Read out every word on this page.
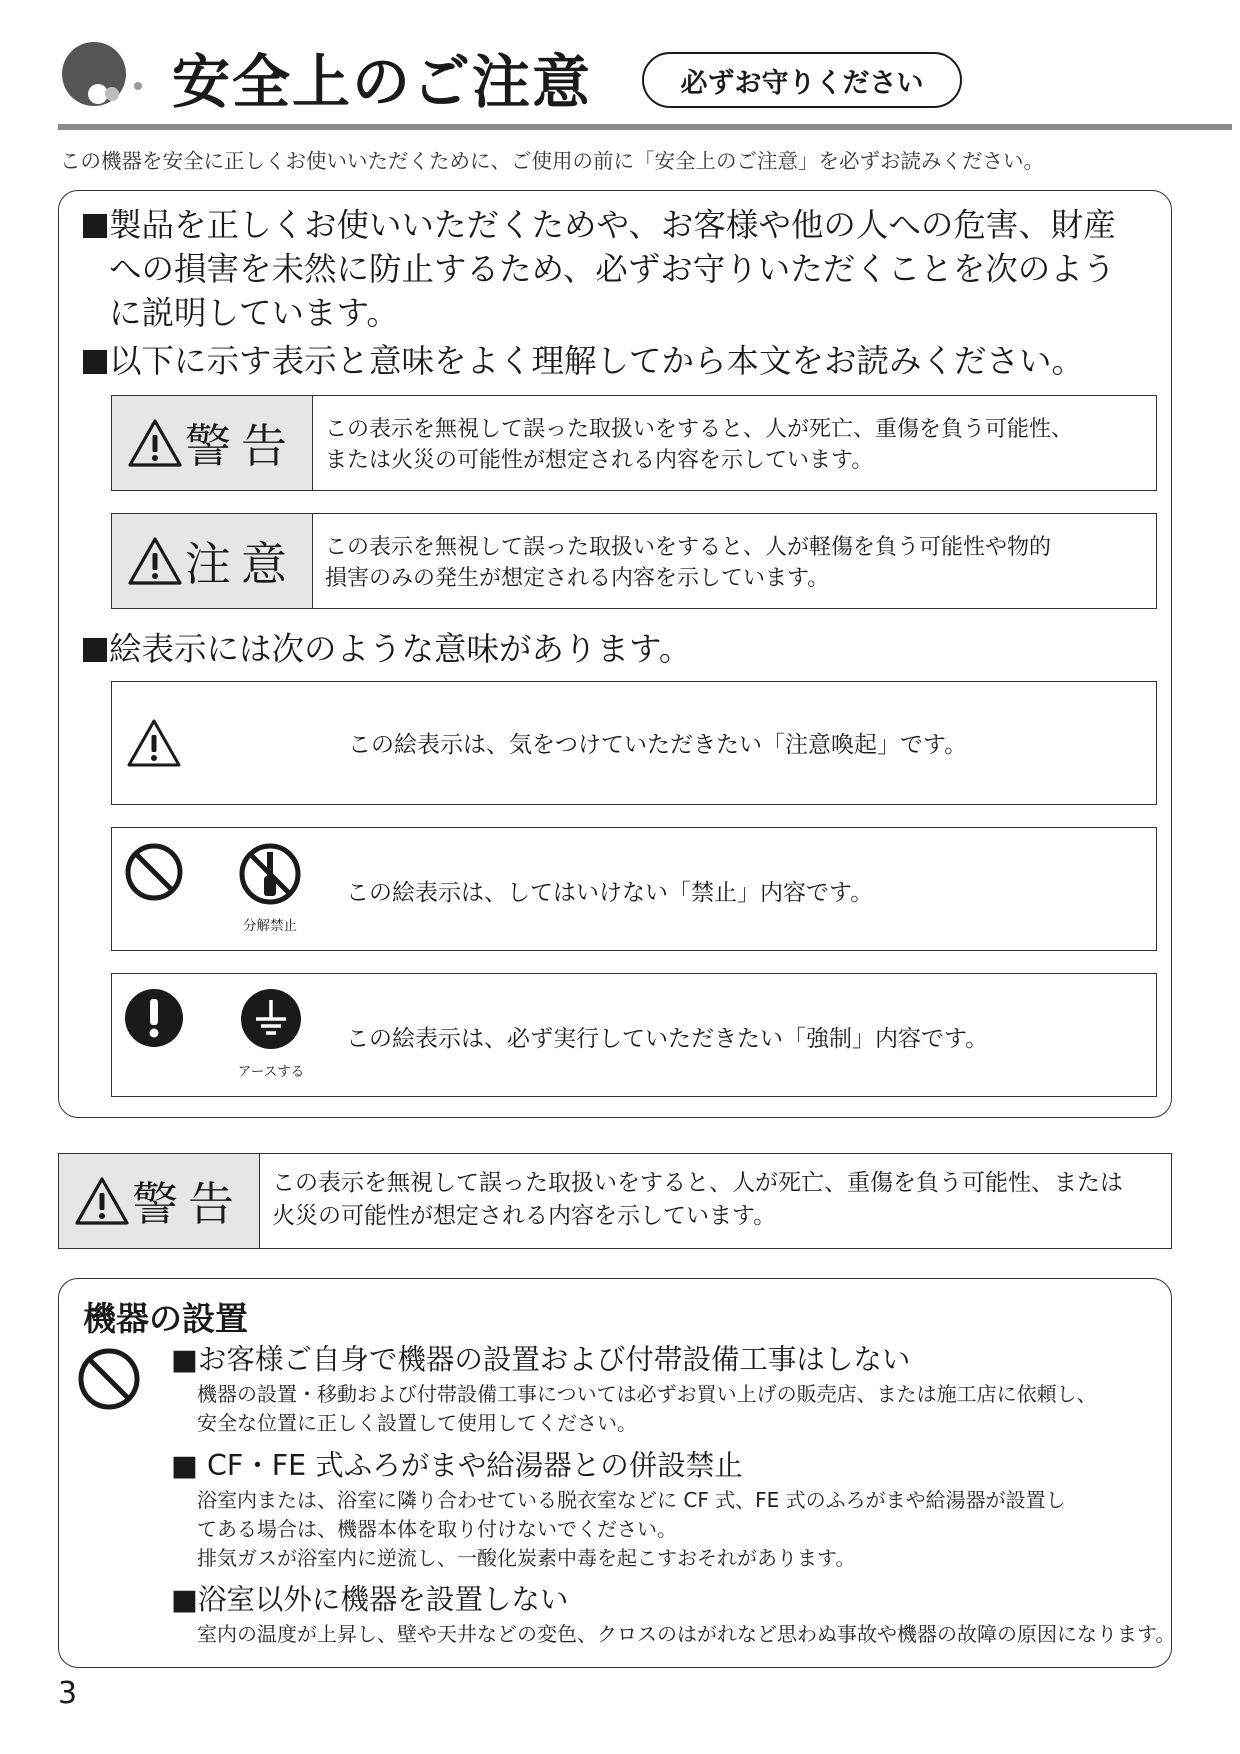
安全上のご注意	必ずお守りください
この機器を安全に正しくお使いいただくために、ご使用の前に「安全上のご注意」を必ずお読みください。
製品を正しくお使いいただくためや、お客様や他の人への危害、財産
への損害を未然に防止するため、必ずお守りいただくことを次のよう
に説明しています。
以下に示す表示と意味をよく理解してから本文をお読みください。
警告 この表示を無視して誤った取扱いをすると、人が死亡、重傷を負う可能性、
または火災の可能性が想定される内容を示しています。
注意 この表示を無視して誤った取扱いをすると、人が軽傷を負う可能性や物的
損害のみの発生が想定される内容を示しています。
絵表示には次のような意味があります。
この絵表示は、気をつけていただきたい「注意喚起」です。
分解禁止
この絵表示は、してはいけない「禁止」内容です。
アースする
この絵表示は、必ず実行していただきたい「強制」内容です。
警告 この表示を無視して誤った取扱いをすると、人が死亡、重傷を負う可能性、または
火災の可能性が想定される内容を示しています。
機器の設置
■お客様ご自身で機器の設置および付帯設備工事はしない
機器の設置・移動および付帯設備工事については必ずお買い上げの販売店、または施工店に依頼し、
安全な位置に正しく設置して使用してください。
■ CF・FE 式ふろがまや給湯器との併設禁止
浴室内または、浴室に隣り合わせている脱衣室などに CF 式、FE 式のふろがまや給湯器が設置し
てある場合は、機器本体を取り付けないでください。
排気ガスが浴室内に逆流し、一酸化炭素中毒を起こすおそれがあります。
■浴室以外に機器を設置しない
室内の温度が上昇し、壁や天井などの変色、クロスのはがれなど思わぬ事故や機器の故障の原因になります。
3
